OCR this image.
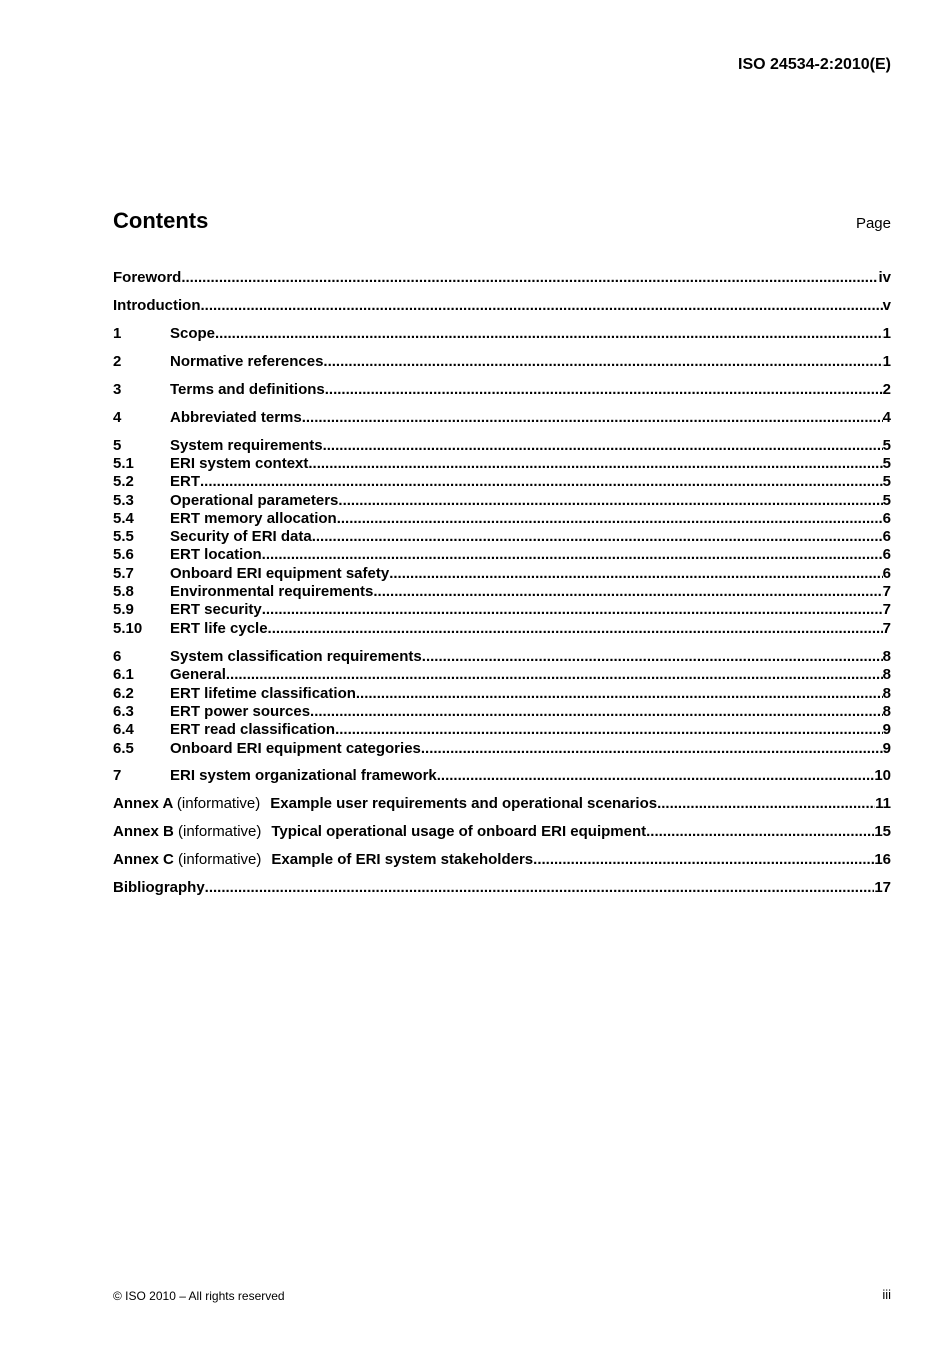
ISO 24534-2:2010(E)
Contents	Page
Foreword .....	iv
Introduction .....	v
1	Scope .....	1
2	Normative references .....	1
3	Terms and definitions .....	2
4	Abbreviated terms .....	4
5	System requirements .....	5
5.1	ERI system context .....	5
5.2	ERT .....	5
5.3	Operational parameters .....	5
5.4	ERT memory allocation .....	6
5.5	Security of ERI data .....	6
5.6	ERT location .....	6
5.7	Onboard ERI equipment safety .....	6
5.8	Environmental requirements .....	7
5.9	ERT security .....	7
5.10	ERT life cycle .....	7
6	System classification requirements .....	8
6.1	General .....	8
6.2	ERT lifetime classification .....	8
6.3	ERT power sources .....	8
6.4	ERT read classification .....	9
6.5	Onboard ERI equipment categories .....	9
7	ERI system organizational framework .....	10
Annex A (informative) Example user requirements and operational scenarios .....	11
Annex B (informative) Typical operational usage of onboard ERI equipment .....	15
Annex C (informative) Example of ERI system stakeholders .....	16
Bibliography .....	17
© ISO 2010 – All rights reserved	iii
